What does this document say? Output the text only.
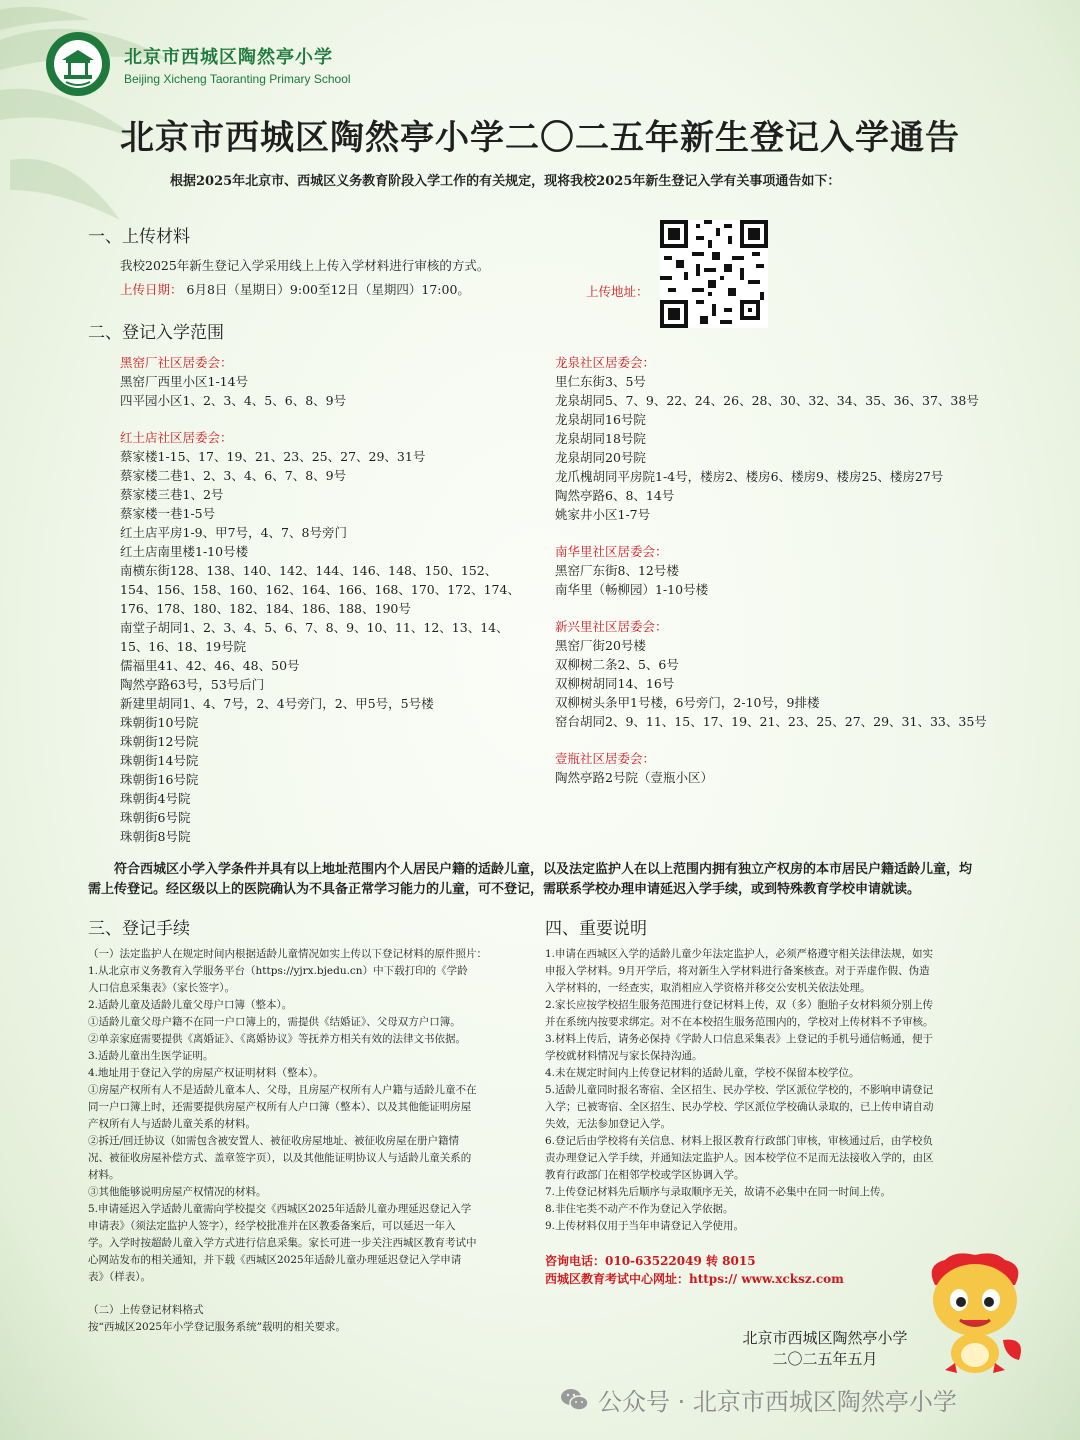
北京市西城区陶然亭小学
Beijing Xicheng Taoranting Primary School
北京市西城区陶然亭小学二〇二五年新生登记入学通告
根据2025年北京市、西城区义务教育阶段入学工作的有关规定，现将我校2025年新生登记入学有关事项通告如下：
一、上传材料
我校2025年新生登记入学采用线上上传入学材料进行审核的方式。
上传日期： 6月8日（星期日）9:00至12日（星期四）17:00。	上传地址：
二、登记入学范围
黑窑厂社区居委会：
黑窑厂西里小区1-14号
四平园小区1、2、3、4、5、6、8、9号
红土店社区居委会：
蔡家楼1-15、17、19、21、23、25、27、29、31号
蔡家楼二巷1、2、3、4、6、7、8、9号
蔡家楼三巷1、2号
蔡家楼一巷1-5号
红土店平房1-9、甲7号，4、7、8号旁门
红土店南里楼1-10号楼
南横东街128、138、140、142、144、146、148、150、152、
154、156、158、160、162、164、166、168、170、172、174、
176、178、180、182、184、186、188、190号
南堂子胡同1、2、3、4、5、6、7、8、9、10、11、12、13、14、
15、16、18、19号院
儒福里41、42、46、48、50号
陶然亭路63号，53号后门
新建里胡同1、4、7号，2、4号旁门，2、甲5号，5号楼
珠朝街10号院
珠朝街12号院
珠朝街14号院
珠朝街16号院
珠朝街4号院
珠朝街6号院
珠朝街8号院
龙泉社区居委会：
里仁东街3、5号
龙泉胡同5、7、9、22、24、26、28、30、32、34、35、36、37、38号
龙泉胡同16号院
龙泉胡同18号院
龙泉胡同20号院
龙爪槐胡同平房院1-4号，楼房2、楼房6、楼房9、楼房25、楼房27号
陶然亭路6、8、14号
姚家井小区1-7号
南华里社区居委会：
黑窑厂东街8、12号楼
南华里（畅柳园）1-10号楼
新兴里社区居委会：
黑窑厂街20号楼
双柳树二条2、5、6号
双柳树胡同14、16号
双柳树头条甲1号楼，6号旁门，2-10号，9排楼
窑台胡同2、9、11、15、17、19、21、23、25、27、29、31、33、35号
壹瓶社区居委会：
陶然亭路2号院（壹瓶小区）
符合西城区小学入学条件并具有以上地址范围内个人居民户籍的适龄儿童，以及法定监护人在以上范围内拥有独立产权房的本市居民户籍适龄儿童，均需上传登记。经区级以上的医院确认为不具备正常学习能力的儿童，可不登记，需联系学校办理申请延迟入学手续，或到特殊教育学校申请就读。
三、登记手续
（一）法定监护人在规定时间内根据适龄儿童情况如实上传以下登记材料的原件照片：
1.从北京市义务教育入学服务平台（https://yjrx.bjedu.cn）中下载打印的《学龄
人口信息采集表》（家长签字）。
2.适龄儿童及适龄儿童父母户口簿（整本）。
①适龄儿童父母户籍不在同一户口簿上的，需提供《结婚证》、父母双方户口簿。
②单亲家庭需要提供《离婚证》、《离婚协议》等抚养方相关有效的法律文书依据。
3.适龄儿童出生医学证明。
4.地址用于登记入学的房屋产权证明材料（整本）。
①房屋产权所有人不是适龄儿童本人、父母，且房屋产权所有人户籍与适龄儿童不在
同一户口簿上时，还需要提供房屋产权所有人户口簿（整本）、以及其他能证明房屋
产权所有人与适龄儿童关系的材料。
②拆迁/回迁协议（如需包含被安置人、被征收房屋地址、被征收房屋在册户籍情
况、被征收房屋补偿方式、盖章签字页），以及其他能证明协议人与适龄儿童关系的
材料。
③其他能够说明房屋产权情况的材料。
5.申请延迟入学适龄儿童需向学校提交《西城区2025年适龄儿童办理延迟登记入学
申请表》（须法定监护人签字），经学校批准并在区教委备案后，可以延迟一年入
学。入学时按超龄儿童入学方式进行信息采集。家长可进一步关注西城区教育考试中
心网站发布的相关通知，并下载《西城区2025年适龄儿童办理延迟登记入学申请
表》（样表）。
（二）上传登记材料格式
按“西城区2025年小学登记服务系统”载明的相关要求。
四、重要说明
1.申请在西城区入学的适龄儿童少年法定监护人，必须严格遵守相关法律法规，如实
申报入学材料。9月开学后，将对新生入学材料进行备案核查。对于弄虚作假、伪造
入学材料的，一经查实，取消相应入学资格并移交公安机关依法处理。
2.家长应按学校招生服务范围进行登记材料上传，双（多）胞胎子女材料须分别上传
并在系统内按要求绑定。对不在本校招生服务范围内的，学校对上传材料不予审核。
3.材料上传后，请务必保持《学龄人口信息采集表》上登记的手机号通信畅通，便于
学校就材料情况与家长保持沟通。
4.未在规定时间内上传登记材料的适龄儿童，学校不保留本校学位。
5.适龄儿童同时报名寄宿、全区招生、民办学校、学区派位学校的，不影响申请登记
入学；已被寄宿、全区招生、民办学校、学区派位学校确认录取的，已上传申请自动
失效，无法参加登记入学。
6.登记后由学校将有关信息、材料上报区教育行政部门审核，审核通过后，由学校负
责办理登记入学手续，并通知法定监护人。因本校学位不足而无法接收入学的，由区
教育行政部门在相邻学校或学区协调入学。
7.上传登记材料先后顺序与录取顺序无关，故请不必集中在同一时间上传。
8.非住宅类不动产不作为登记入学依据。
9.上传材料仅用于当年申请登记入学使用。
咨询电话：010-63522049 转 8015
西城区教育考试中心网址：https:// www.xcksz.com
北京市西城区陶然亭小学
二〇二五年五月
公众号 · 北京市西城区陶然亭小学
